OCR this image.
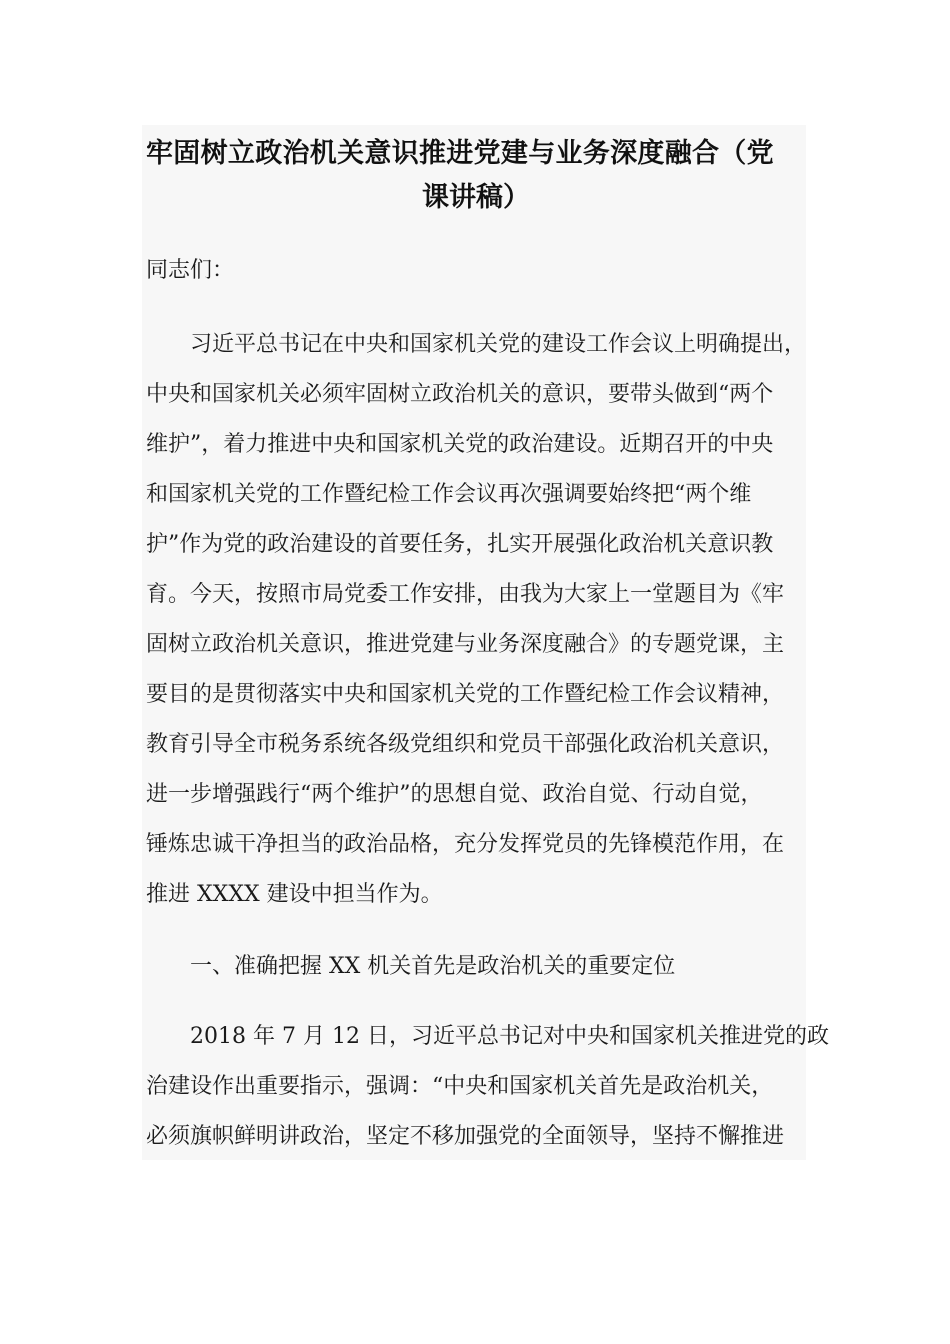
牢固树立政治机关意识推进党建与业务深度融合（党
课讲稿）
同志们：
　　习近平总书记在中央和国家机关党的建设工作会议上明确提出，
中央和国家机关必须牢固树立政治机关的意识，要带头做到“两个
维护”，着力推进中央和国家机关党的政治建设。近期召开的中央
和国家机关党的工作暨纪检工作会议再次强调要始终把“两个维
护”作为党的政治建设的首要任务，扎实开展强化政治机关意识教
育。今天，按照市局党委工作安排，由我为大家上一堂题目为《牢
固树立政治机关意识，推进党建与业务深度融合》的专题党课，主
要目的是贯彻落实中央和国家机关党的工作暨纪检工作会议精神，
教育引导全市税务系统各级党组织和党员干部强化政治机关意识，
进一步增强践行“两个维护”的思想自觉、政治自觉、行动自觉，
锤炼忠诚干净担当的政治品格，充分发挥党员的先锋模范作用，在
推进 XXXX 建设中担当作为。
　　一、准确把握 XX 机关首先是政治机关的重要定位
　　2018 年 7 月 12 日，习近平总书记对中央和国家机关推进党的政
治建设作出重要指示，强调：“中央和国家机关首先是政治机关，
必须旗帜鲜明讲政治，坚定不移加强党的全面领导，坚持不懈推进
